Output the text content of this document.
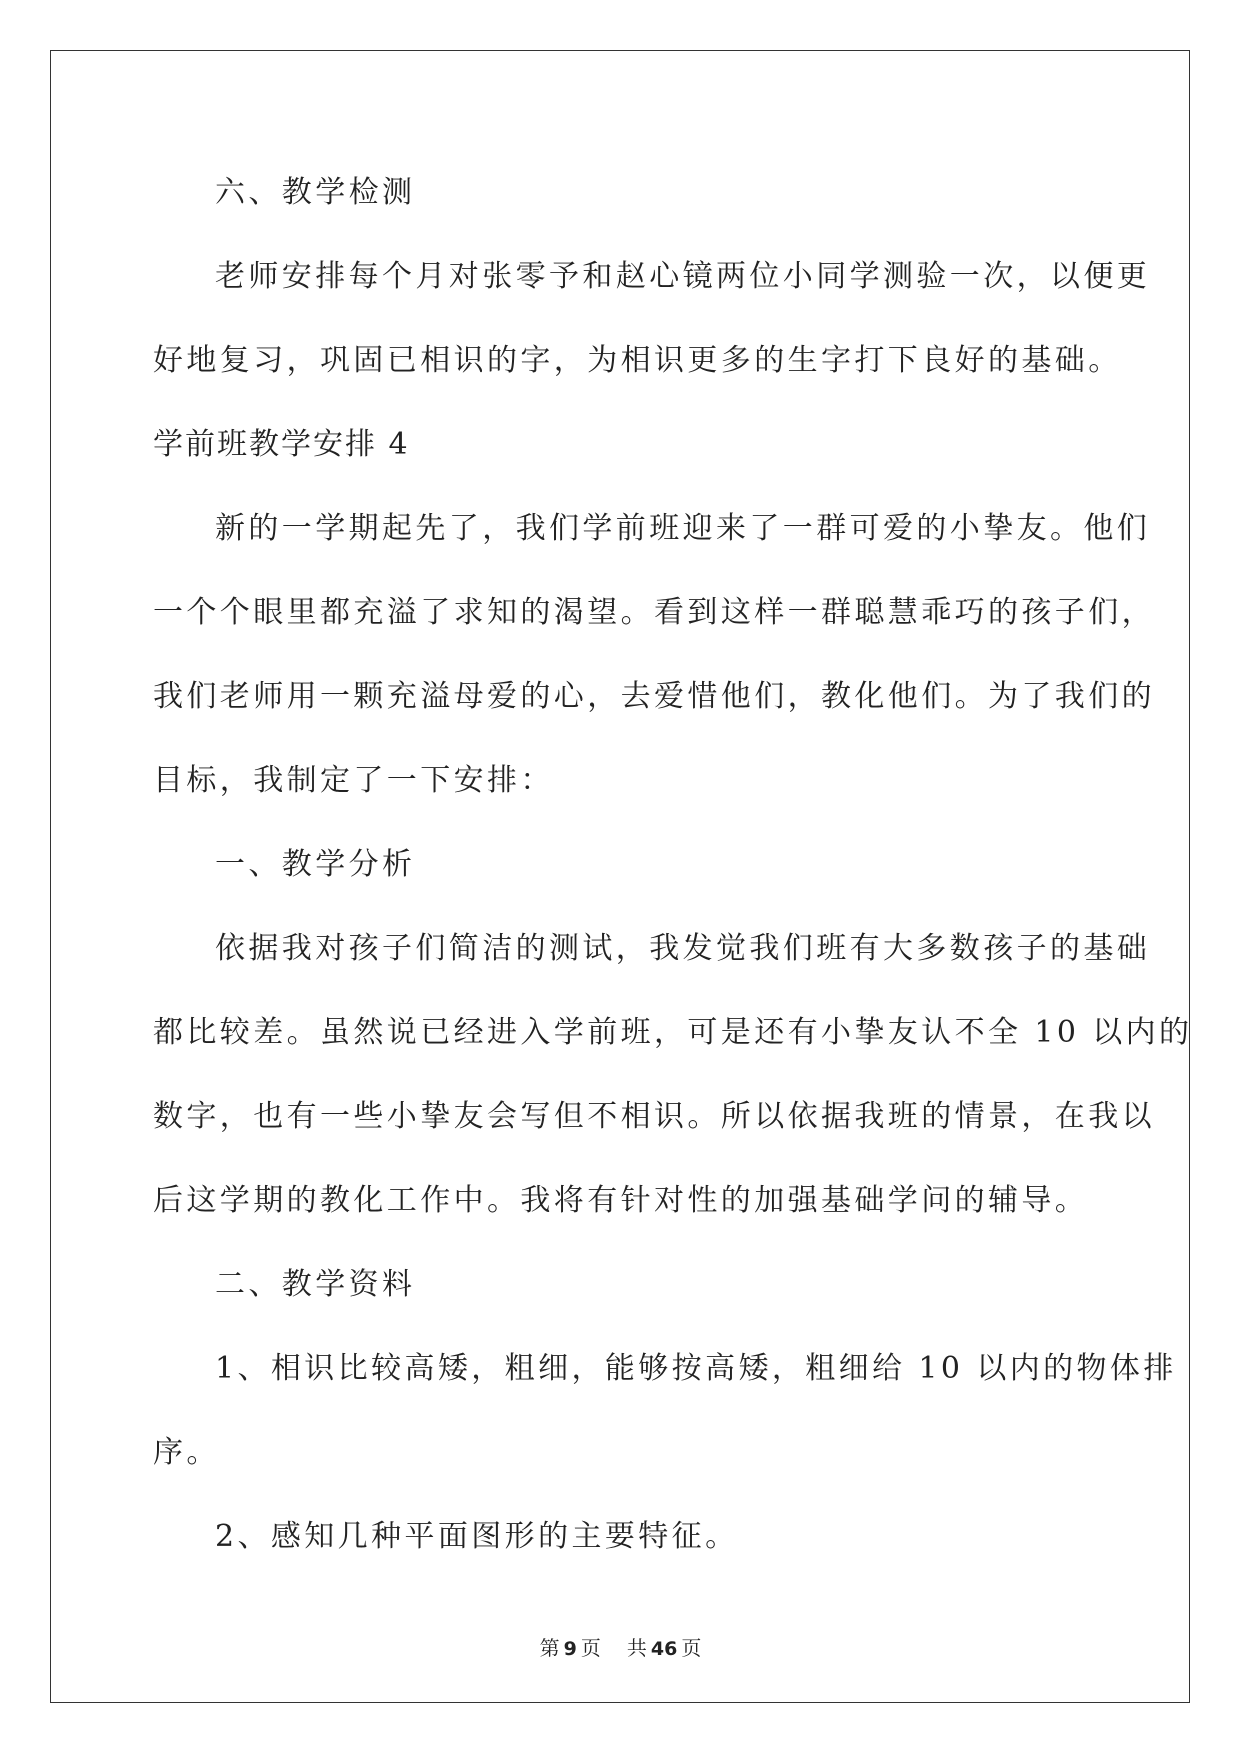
六、教学检测
老师安排每个月对张零予和赵心镜两位小同学测验一次，以便更
好地复习，巩固已相识的字，为相识更多的生字打下良好的基础。
学前班教学安排 4
新的一学期起先了，我们学前班迎来了一群可爱的小挚友。他们
一个个眼里都充溢了求知的渴望。看到这样一群聪慧乖巧的孩子们，
我们老师用一颗充溢母爱的心，去爱惜他们，教化他们。为了我们的
目标，我制定了一下安排：
一、教学分析
依据我对孩子们简洁的测试，我发觉我们班有大多数孩子的基础
都比较差。虽然说已经进入学前班，可是还有小挚友认不全 10 以内的
数字，也有一些小挚友会写但不相识。所以依据我班的情景，在我以
后这学期的教化工作中。我将有针对性的加强基础学问的辅导。
二、教学资料
1、相识比较高矮，粗细，能够按高矮，粗细给 10 以内的物体排
序。
2、感知几种平面图形的主要特征。
第 9 页 共 46 页
